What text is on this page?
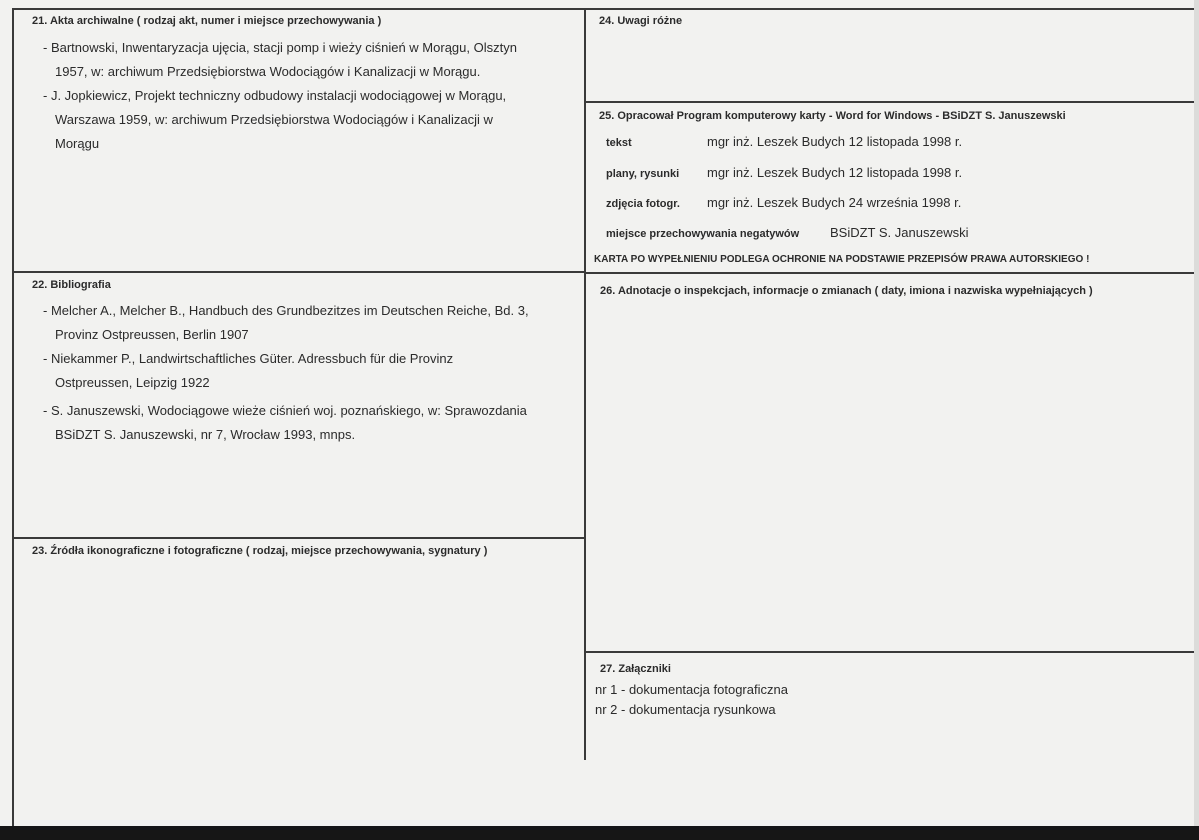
21. Akta archiwalne ( rodzaj akt, numer i miejsce przechowywania )
- Bartnowski, Inwentaryzacja ujęcia, stacji pomp i wieży ciśnień w Morągu, Olsztyn
1957, w: archiwum Przedsiębiorstwa Wodociągów i Kanalizacji w Morągu.
- J. Jopkiewicz, Projekt techniczny odbudowy instalacji wodociągowej w Morągu,
Warszawa 1959, w: archiwum Przedsiębiorstwa Wodociągów i Kanalizacji w
Morągu
22. Bibliografia
- Melcher A., Melcher B., Handbuch des Grundbezitzes im Deutschen Reiche, Bd. 3,
Provinz Ostpreussen, Berlin 1907
- Niekammer P., Landwirtschaftliches Güter. Adressbuch für die Provinz
Ostpreussen, Leipzig 1922
- S. Januszewski, Wodociągowe wieże ciśnień woj. poznańskiego, w: Sprawozdania
BSiDZT S. Januszewski, nr 7, Wrocław 1993, mnps.
23. Źródła ikonograficzne i fotograficzne ( rodzaj, miejsce przechowywania, sygnatury )
24. Uwagi różne
25. Opracował Program komputerowy karty - Word for Windows - BSiDZT S. Januszewski
tekst	mgr inż. Leszek Budych 12 listopada 1998 r.
plany, rysunki mgr inż. Leszek Budych 12 listopada 1998 r.
zdjęcia fotogr. mgr inż. Leszek Budych 24 września 1998 r.
miejsce przechowywania negatywów BSiDZT S. Januszewski
KARTA PO WYPEŁNIENIU PODLEGA OCHRONIE NA PODSTAWIE PRZEPISÓW PRAWA AUTORSKIEGO !
26. Adnotacje o inspekcjach, informacje o zmianach ( daty, imiona i nazwiska wypełniających )
27. Załączniki
nr 1 - dokumentacja fotograficzna
nr 2 - dokumentacja rysunkowa
